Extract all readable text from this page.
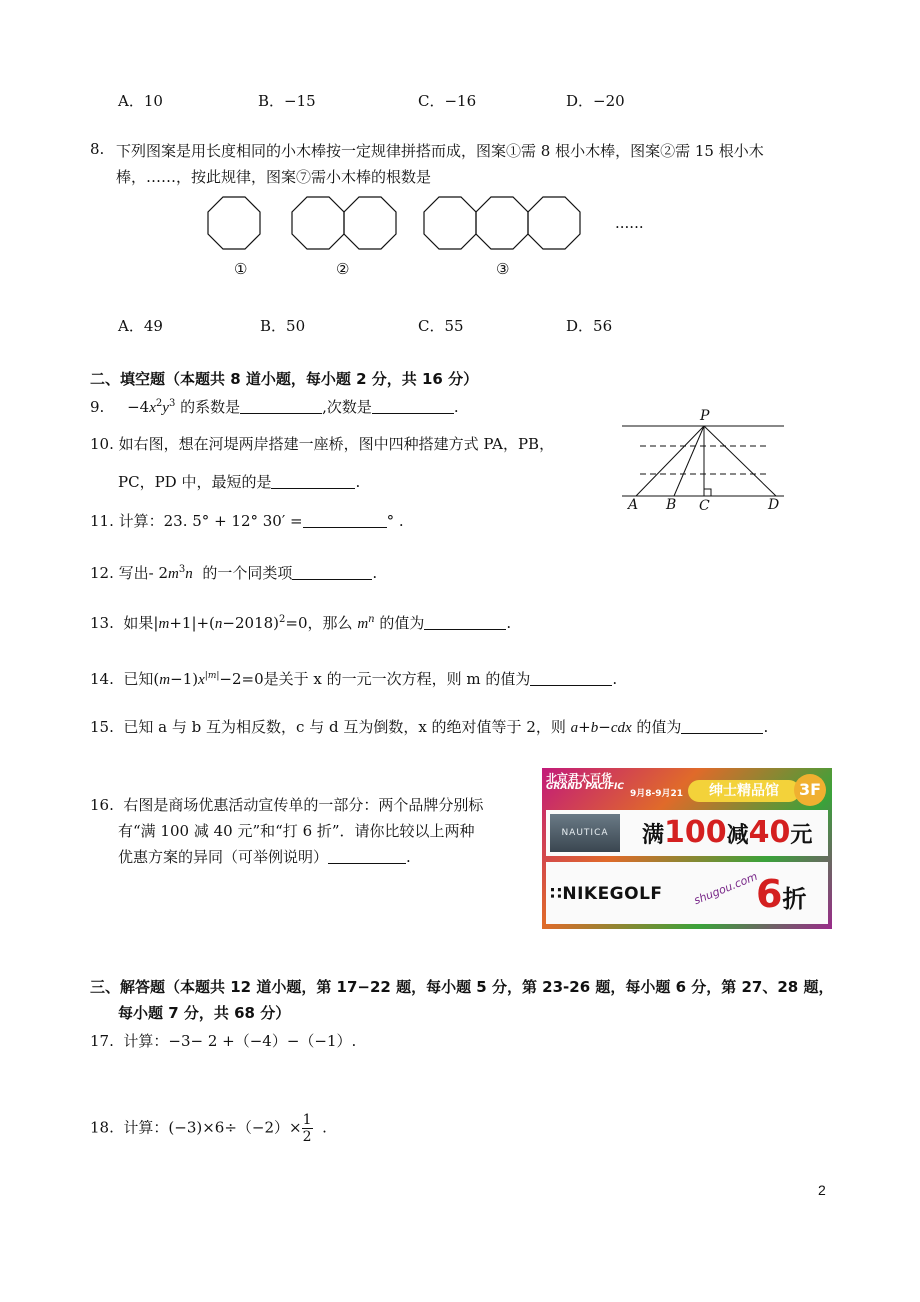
A．10	B．−15	C．−16	D．−20
8. 下列图案是用长度相同的小木棒按一定规律拼搭而成，图案①需 8 根小木棒，图案②需 15 根小木
棒，……，按此规律，图案⑦需小木棒的根数是
......
①	②	③
A．49	B．50	C．55	D．56
二、填空题（本题共 8 道小题，每小题 2 分，共 16 分）
9. $-4x^2y^3$ 的系数是	,次数是	.
10. 如右图，想在河堤两岸搭建一座桥，图中四种搭建方式 PA，PB，
PC，PD 中，最短的是	.
P
A B C	D
11. 计算：23. 5° + 12° 30′ =	° .
12. 写出- $2m^3n$ 的一个同类项	.
13. 如果$|m+1|+(n-2018)^2=0$，那么 $m^n$ 的值为	.
14. 已知$(m-1)x^{|m|}-2=0$是关于 x 的一元一次方程，则 m 的值为	.
15. 已知 a 与 b 互为相反数，c 与 d 互为倒数，x 的绝对值等于 2，则 a+b−cdx 的值为	.
16. 右图是商场优惠活动宣传单的一部分：两个品牌分别标
有“满 100 减 40 元”和“打 6 折”．请你比较以上两种
优惠方案的异同（可举例说明）	.
北京君太百货
GRAND PACIFIC
9月8-9月21	绅士精品馆	3F
NAUTICA	满100减40元
∷NIKEGOLF	shugou.com
6折
三、解答题（本题共 12 道小题，第 17−22 题，每小题 5 分，第 23-26 题，每小题 6 分，第 27、28 题，
每小题 7 分，共 68 分）
17. 计算：−3− 2 +（−4）−（−1）.
18. 计算：$(-3)\times 6\div(-2)\times \frac{1}{2}$ .
2
